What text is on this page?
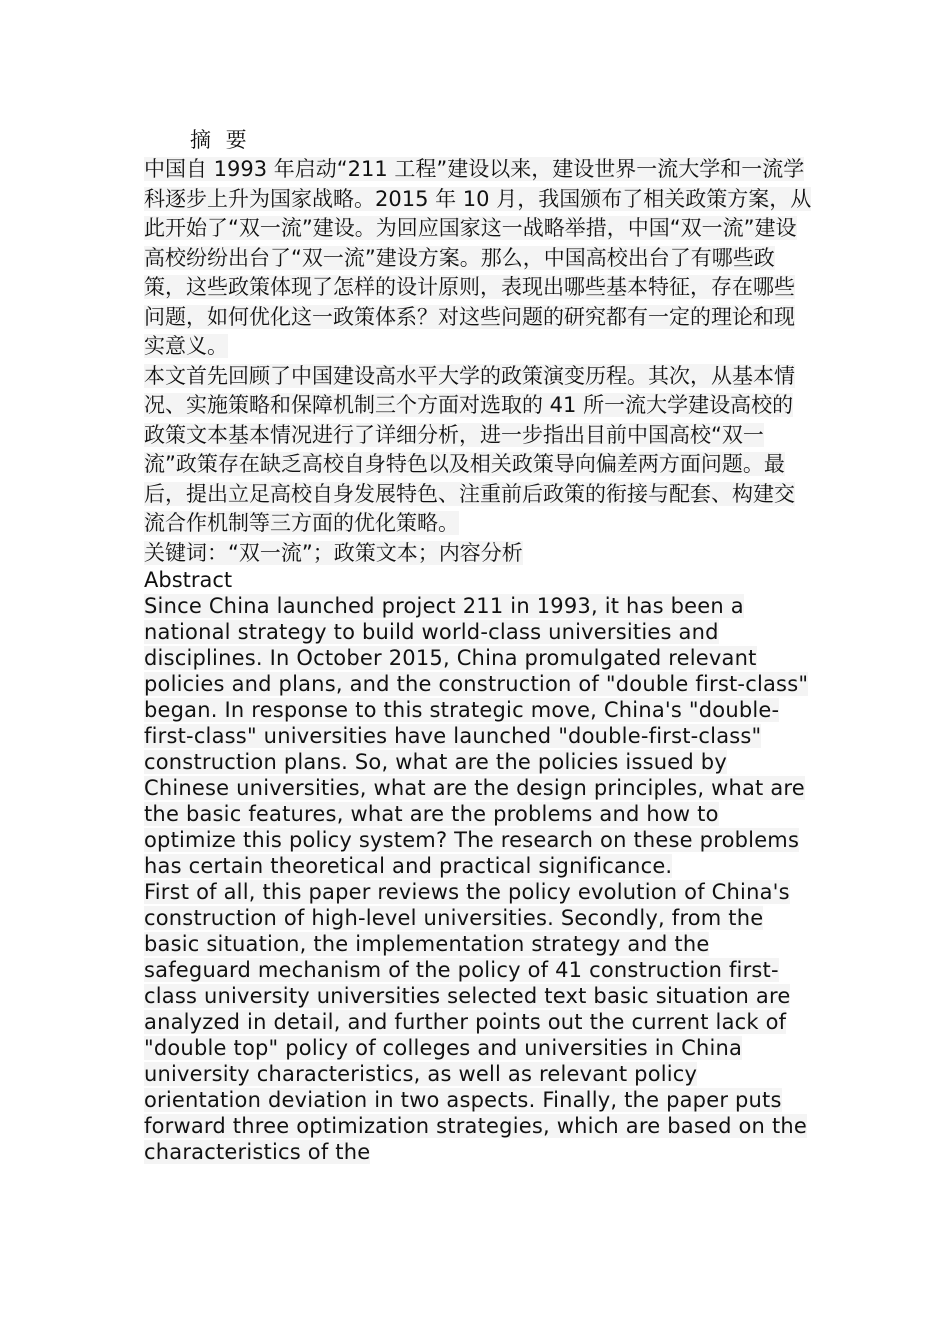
摘 要

中国自 1993 年启动“211 工程”建设以来，建设世界一流大学和一流学科逐步上升为国家战略。2015 年 10 月，我国颁布了相关政策方案，从此开始了“双一流”建设。为回应国家这一战略举措，中国“双一流”建设高校纷纷出台了“双一流”建设方案。那么，中国高校出台了有哪些政策，这些政策体现了怎样的设计原则，表现出哪些基本特征，存在哪些问题，如何优化这一政策体系？对这些问题的研究都有一定的理论和现实意义。

本文首先回顾了中国建设高水平大学的政策演变历程。其次，从基本情况、实施策略和保障机制三个方面对选取的 41 所一流大学建设高校的政策文本基本情况进行了详细分析，进一步指出目前中国高校“双一流”政策存在缺乏高校自身特色以及相关政策导向偏差两方面问题。最后，提出立足高校自身发展特色、注重前后政策的衔接与配套、构建交流合作机制等三方面的优化策略。

关键词：“双一流”；政策文本；内容分析

Abstract

Since China launched project 211 in 1993, it has been a national strategy to build world-class universities and disciplines. In October 2015, China promulgated relevant policies and plans, and the construction of "double first-class" began. In response to this strategic move, China's "double-first-class" universities have launched "double-first-class" construction plans. So, what are the policies issued by Chinese universities, what are the design principles, what are the basic features, what are the problems and how to optimize this policy system? The research on these problems has certain theoretical and practical significance.

First of all, this paper reviews the policy evolution of China's construction of high-level universities. Secondly, from the basic situation, the implementation strategy and the safeguard mechanism of the policy of 41 construction first-class university universities selected text basic situation are analyzed in detail, and further points out the current lack of "double top" policy of colleges and universities in China university characteristics, as well as relevant policy orientation deviation in two aspects. Finally, the paper puts forward three optimization strategies, which are based on the characteristics of the
